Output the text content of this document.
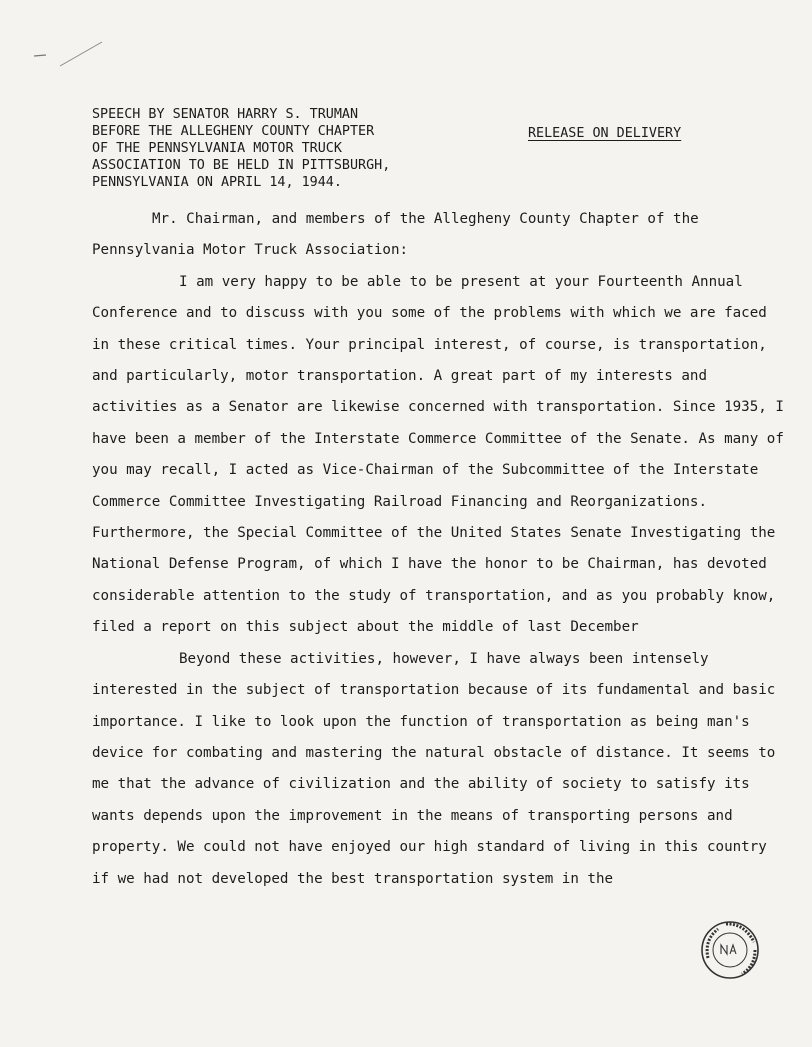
SPEECH BY SENATOR HARRY S. TRUMAN
BEFORE THE ALLEGHENY COUNTY CHAPTER
OF THE PENNSYLVANIA MOTOR TRUCK
ASSOCIATION TO BE HELD IN PITTSBURGH,
PENNSYLVANIA ON APRIL 14, 1944.
RELEASE ON DELIVERY

Mr. Chairman, and members of the Allegheny County Chapter of the Pennsylvania Motor Truck Association:

I am very happy to be able to be present at your Fourteenth Annual Conference and to discuss with you some of the problems with which we are faced in these critical times. Your principal interest, of course, is transportation, and particularly, motor transportation. A great part of my interests and activities as a Senator are likewise concerned with transportation. Since 1935, I have been a member of the Interstate Commerce Committee of the Senate. As many of you may recall, I acted as Vice-Chairman of the Subcommittee of the Interstate Commerce Committee Investigating Railroad Financing and Reorganizations. Furthermore, the Special Committee of the United States Senate Investigating the National Defense Program, of which I have the honor to be Chairman, has devoted considerable attention to the study of transportation, and as you probably know, filed a report on this subject about the middle of last December

Beyond these activities, however, I have always been intensely interested in the subject of transportation because of its fundamental and basic importance. I like to look upon the function of transportation as being man's device for combating and mastering the natural obstacle of distance. It seems to me that the advance of civilization and the ability of society to satisfy its wants depends upon the improvement in the means of transporting persons and property. We could not have enjoyed our high standard of living in this country if we had not developed the best transportation system in the
